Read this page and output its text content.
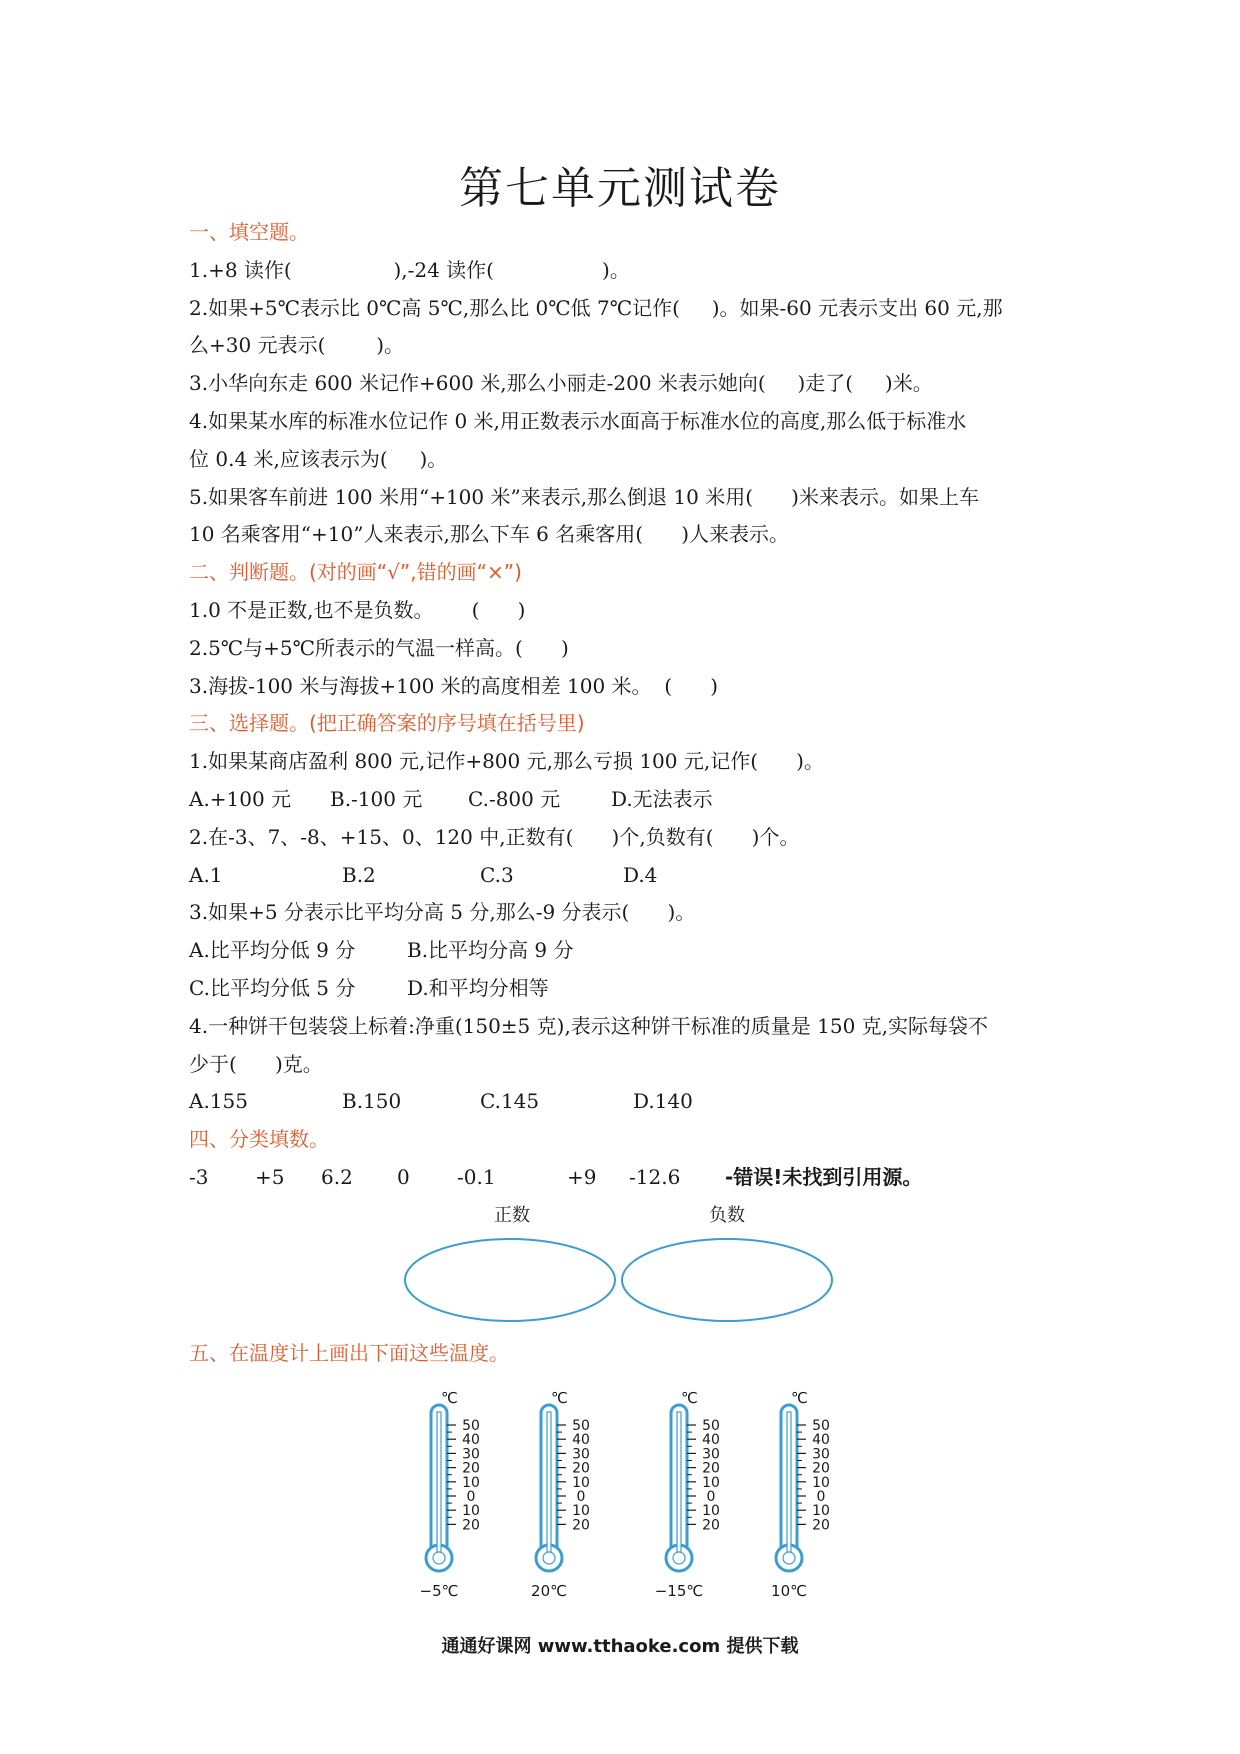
第七单元测试卷
一、填空题。
1.+8 读作(                ),-24 读作(                 )。
2.如果+5℃表示比 0℃高 5℃,那么比 0℃低 7℃记作(     )。如果-60 元表示支出 60 元,那
么+30 元表示(        )。
3.小华向东走 600 米记作+600 米,那么小丽走-200 米表示她向(     )走了(     )米。
4.如果某水库的标准水位记作 0 米,用正数表示水面高于标准水位的高度,那么低于标准水
位 0.4 米,应该表示为(     )。
5.如果客车前进 100 米用“+100 米”来表示,那么倒退 10 米用(      )米来表示。如果上车
10 名乘客用“+10”人来表示,那么下车 6 名乘客用(      )人来表示。
二、判断题。(对的画“√”,错的画“×”)
1.0 不是正数,也不是负数。      (      )
2.5℃与+5℃所表示的气温一样高。(      )
3.海拔-100 米与海拔+100 米的高度相差 100 米。  (      )
三、选择题。(把正确答案的序号填在括号里)
1.如果某商店盈利 800 元,记作+800 元,那么亏损 100 元,记作(      )。
A.+100 元	B.-100 元	C.-800 元	D.无法表示
2.在-3、7、-8、+15、0、120 中,正数有(      )个,负数有(      )个。
A.1	B.2	C.3	D.4
3.如果+5 分表示比平均分高 5 分,那么-9 分表示(      )。
A.比平均分低 9 分	B.比平均分高 9 分
C.比平均分低 5 分	D.和平均分相等
4.一种饼干包装袋上标着:净重(150±5 克),表示这种饼干标准的质量是 150 克,实际每袋不
少于(      )克。
A.155	B.150	C.145	D.140
四、分类填数。
-3	+5	6.2	0	-0.1	+9	-12.6	-错误!未找到引用源。
正数	负数
五、在温度计上画出下面这些温度。
℃
50
40
30
20
10
0
10
20
−5℃
℃
50
40
30
20
10
0
10
20
20℃
℃
50
40
30
20
10
0
10
20
−15℃
℃
50
40
30
20
10
0
10
20
10℃
通通好课网 www.tthaoke.com 提供下载
